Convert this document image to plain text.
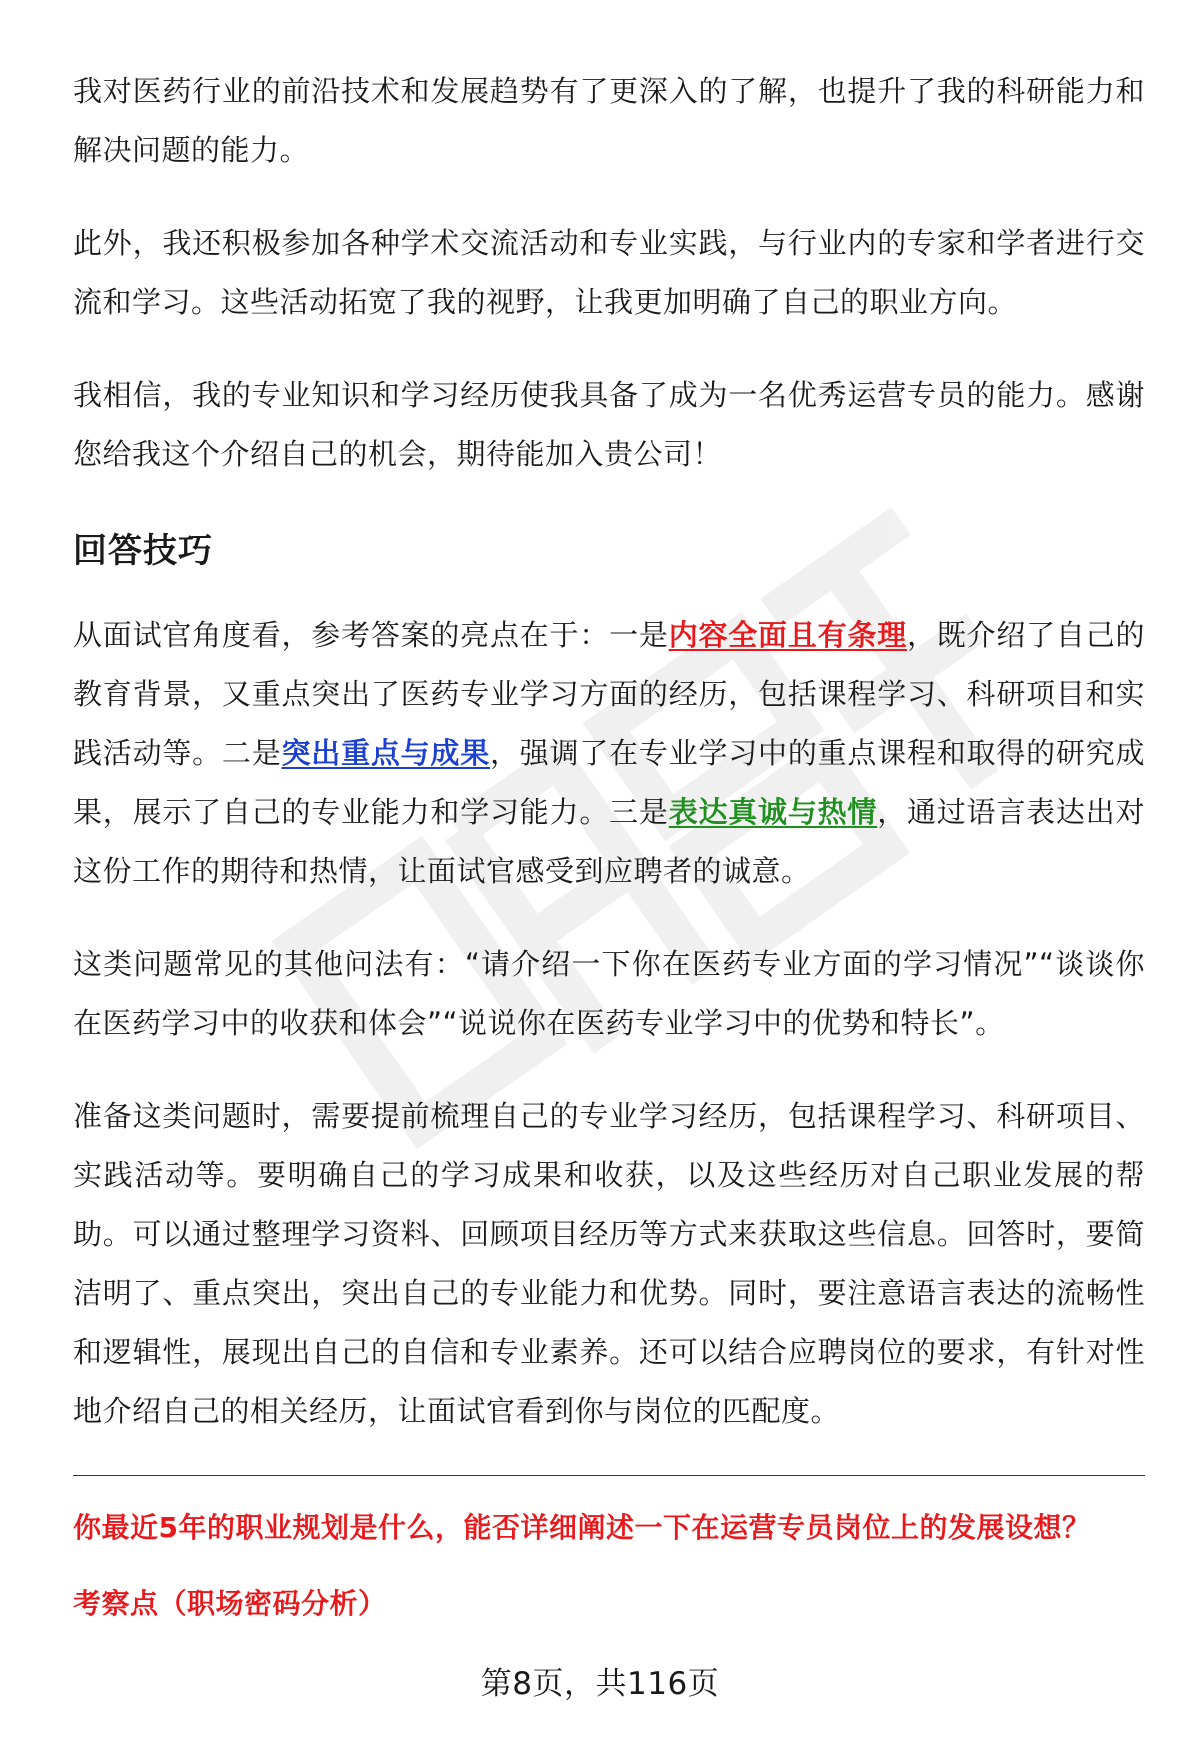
我对医药行业的前沿技术和发展趋势有了更深入的了解，也提升了我的科研能力和解决问题的能力。

此外，我还积极参加各种学术交流活动和专业实践，与行业内的专家和学者进行交流和学习。这些活动拓宽了我的视野，让我更加明确了自己的职业方向。

我相信，我的专业知识和学习经历使我具备了成为一名优秀运营专员的能力。感谢您给我这个介绍自己的机会，期待能加入贵公司！

回答技巧

从面试官角度看，参考答案的亮点在于：一是内容全面且有条理，既介绍了自己的教育背景，又重点突出了医药专业学习方面的经历，包括课程学习、科研项目和实践活动等。二是突出重点与成果，强调了在专业学习中的重点课程和取得的研究成果，展示了自己的专业能力和学习能力。三是表达真诚与热情，通过语言表达出对这份工作的期待和热情，让面试官感受到应聘者的诚意。

这类问题常见的其他问法有：“请介绍一下你在医药专业方面的学习情况”“谈谈你在医药学习中的收获和体会”“说说你在医药专业学习中的优势和特长”。

准备这类问题时，需要提前梳理自己的专业学习经历，包括课程学习、科研项目、实践活动等。要明确自己的学习成果和收获，以及这些经历对自己职业发展的帮助。可以通过整理学习资料、回顾项目经历等方式来获取这些信息。回答时，要简洁明了、重点突出，突出自己的专业能力和优势。同时，要注意语言表达的流畅性和逻辑性，展现出自己的自信和专业素养。还可以结合应聘岗位的要求，有针对性地介绍自己的相关经历，让面试官看到你与岗位的匹配度。

你最近5年的职业规划是什么，能否详细阐述一下在运营专员岗位上的发展设想？

考察点（职场密码分析）

第8页，共116页
